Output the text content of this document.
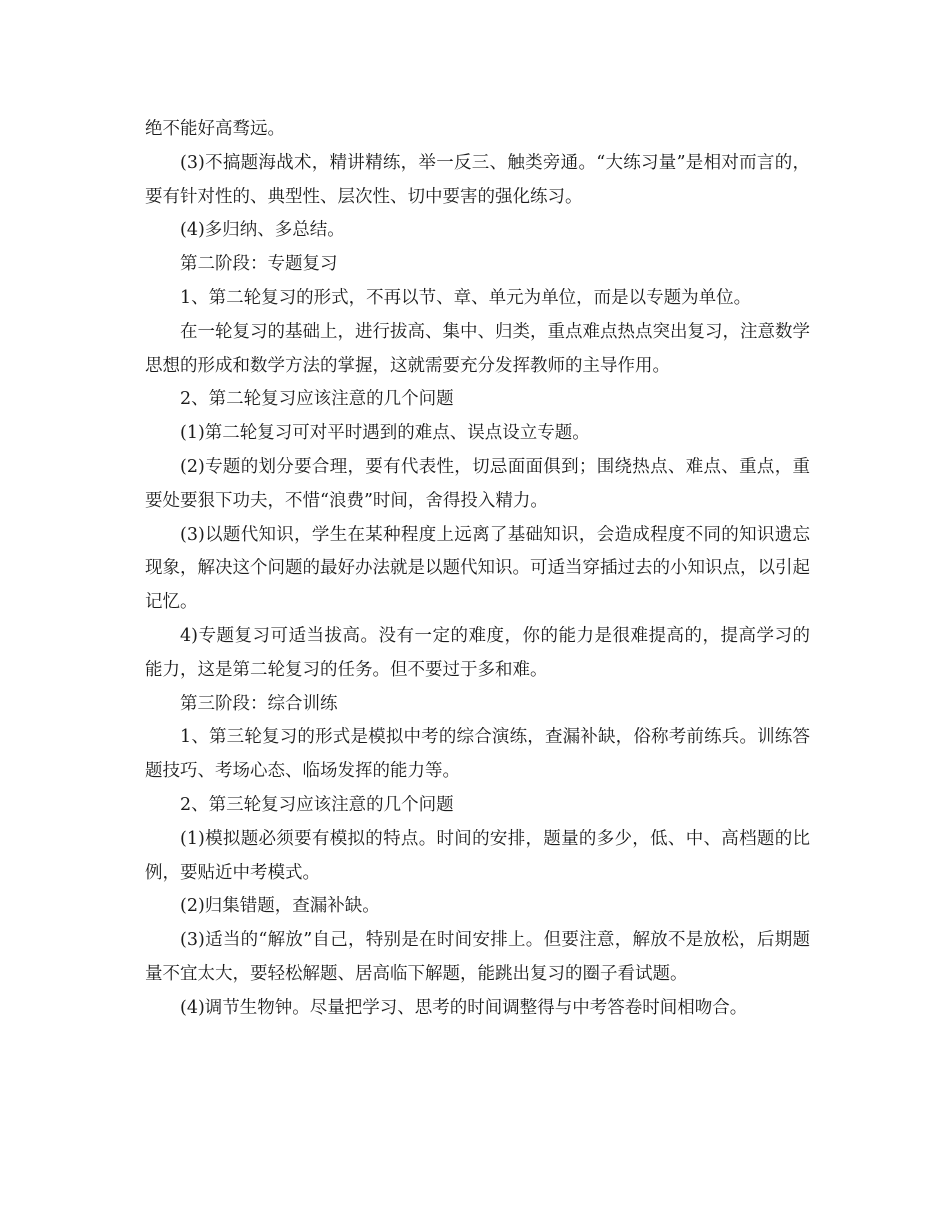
绝不能好高骛远。

(3)不搞题海战术，精讲精练，举一反三、触类旁通。“大练习量”是相对而言的，要有针对性的、典型性、层次性、切中要害的强化练习。

(4)多归纳、多总结。

第二阶段：专题复习

1、第二轮复习的形式，不再以节、章、单元为单位，而是以专题为单位。

在一轮复习的基础上，进行拔高、集中、归类，重点难点热点突出复习，注意数学思想的形成和数学方法的掌握，这就需要充分发挥教师的主导作用。

2、第二轮复习应该注意的几个问题

(1)第二轮复习可对平时遇到的难点、误点设立专题。

(2)专题的划分要合理，要有代表性，切忌面面俱到；围绕热点、难点、重点，重要处要狠下功夫，不惜“浪费”时间，舍得投入精力。

(3)以题代知识，学生在某种程度上远离了基础知识，会造成程度不同的知识遗忘现象，解决这个问题的最好办法就是以题代知识。可适当穿插过去的小知识点，以引起记忆。

4)专题复习可适当拔高。没有一定的难度，你的能力是很难提高的，提高学习的能力，这是第二轮复习的任务。但不要过于多和难。

第三阶段：综合训练

1、第三轮复习的形式是模拟中考的综合演练，查漏补缺，俗称考前练兵。训练答题技巧、考场心态、临场发挥的能力等。

2、第三轮复习应该注意的几个问题

(1)模拟题必须要有模拟的特点。时间的安排，题量的多少，低、中、高档题的比例，要贴近中考模式。

(2)归集错题，查漏补缺。

(3)适当的“解放”自己，特别是在时间安排上。但要注意，解放不是放松，后期题量不宜太大，要轻松解题、居高临下解题，能跳出复习的圈子看试题。

(4)调节生物钟。尽量把学习、思考的时间调整得与中考答卷时间相吻合。
